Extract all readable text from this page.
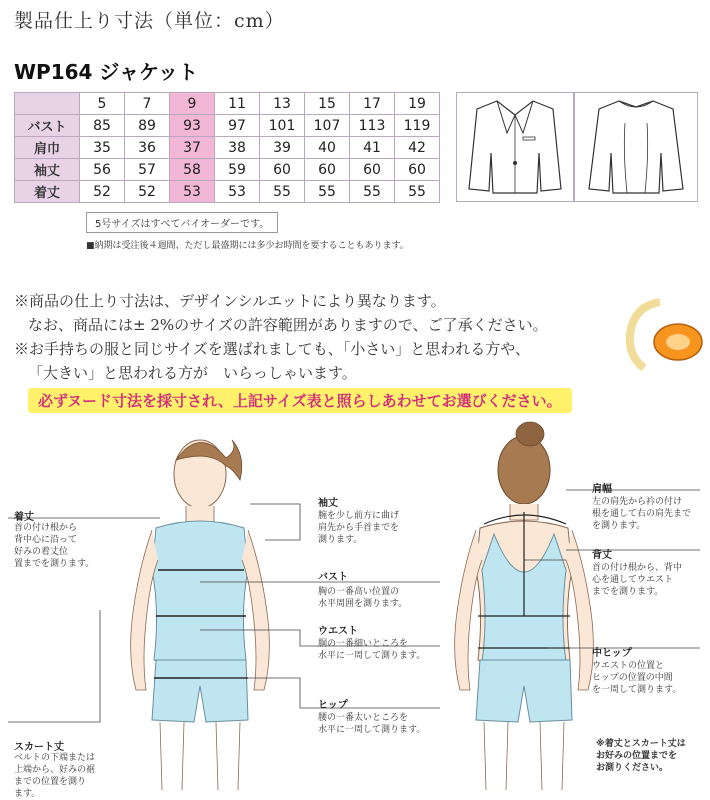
製品仕上り寸法（単位：cm）
WP164 ジャケット
	5	7	9	11	13	15	17	19
バスト	85	89	93	97	101	107	113	119
肩巾	35	36	37	38	39	40	41	42
袖丈	56	57	58	59	60	60	60	60
着丈	52	52	53	53	55	55	55	55
5号サイズはすべてバイオーダーです。
■納期は受注後４週間、ただし最盛期には多少お時間を要することもあります。
※商品の仕上り寸法は、デザインシルエットにより異なります。
なお、商品には± 2%のサイズの許容範囲がありますので、ご了承ください。
※お手持ちの服と同じサイズを選ばれましても、「小さい」と思われる方や、
「大きい」と思われる方が　いらっしゃいます。
必ずヌード寸法を採寸され、上記サイズ表と照らしあわせてお選びください。
着丈
首の付け根から
背中心に沿って
好みの着丈位
置までを測ります。
スカート丈
ベルトの下端または
上端から、好みの裾
までの位置を測り
ます。
袖丈
腕を少し前方に曲げ
肩先から手首までを
測ります。
バスト
胸の一番高い位置の
水平周囲を測ります。
ウエスト
胴の一番細いところを
水平に一周して測ります。
ヒップ
腰の一番太いところを
水平に一周して測ります。
肩幅
左の肩先から衿の付け
根を通して右の肩先まで
を測ります。
背丈
首の付け根から、背中
心を通してウエスト
までを測ります。
中ヒップ
ウエストの位置と
ヒップの位置の中間
を一周して測ります。
※着丈とスカート丈は
お好みの位置までを
お測りください。
